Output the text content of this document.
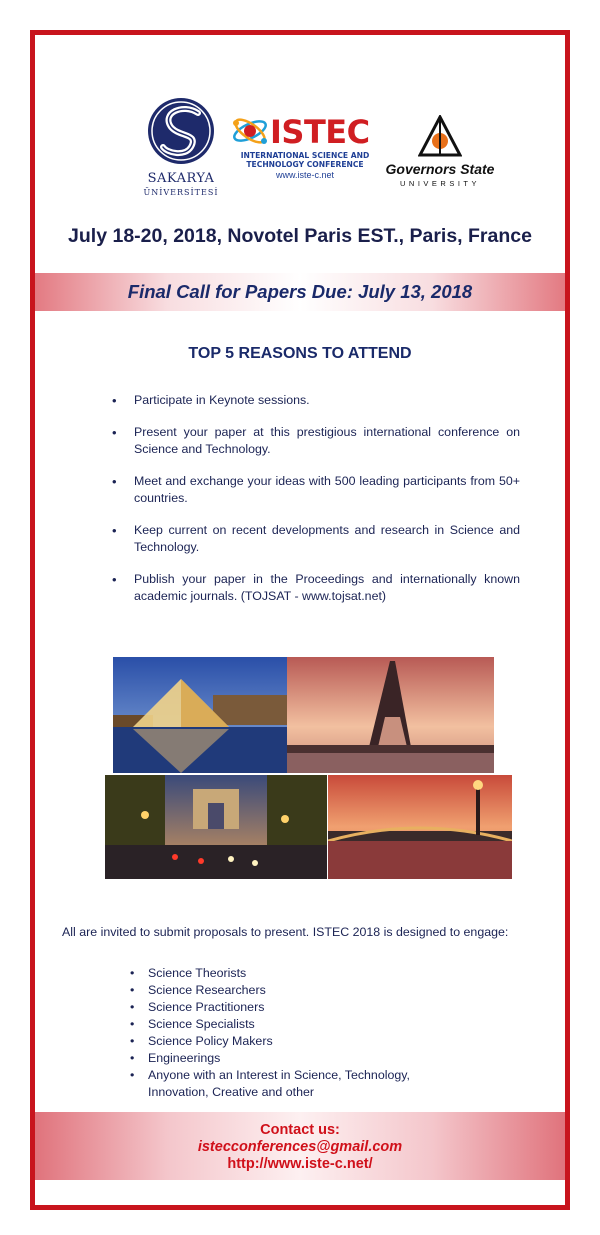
SAKARYA
ÜNİVERSİTESİ
ISTEC
INTERNATIONAL SCIENCE AND
TECHNOLOGY CONFERENCE
www.iste-c.net	Governors State
UNIVERSITY
July 18-20, 2018, Novotel Paris EST., Paris, France
Final Call for Papers Due: July 13, 2018
TOP 5 REASONS TO ATTEND
• Participate in Keynote sessions.
• Present your paper at this prestigious international conference on Science and Technology.
• Meet and exchange your ideas with 500 leading participants from 50+ countries.
• Keep current on recent developments and research in Science and Technology.
• Publish your paper in the Proceedings and internationally known academic journals. (TOJSAT - www.tojsat.net)
All are invited to submit proposals to present. ISTEC 2018 is designed to engage:
• Science Theorists
• Science Researchers
• Science Practitioners
• Science Specialists
• Science Policy Makers
• Engineerings
• Anyone with an Interest in Science, Technology, Innovation, Creative and other
Contact us:
istecconferences@gmail.com
http://www.iste-c.net/
